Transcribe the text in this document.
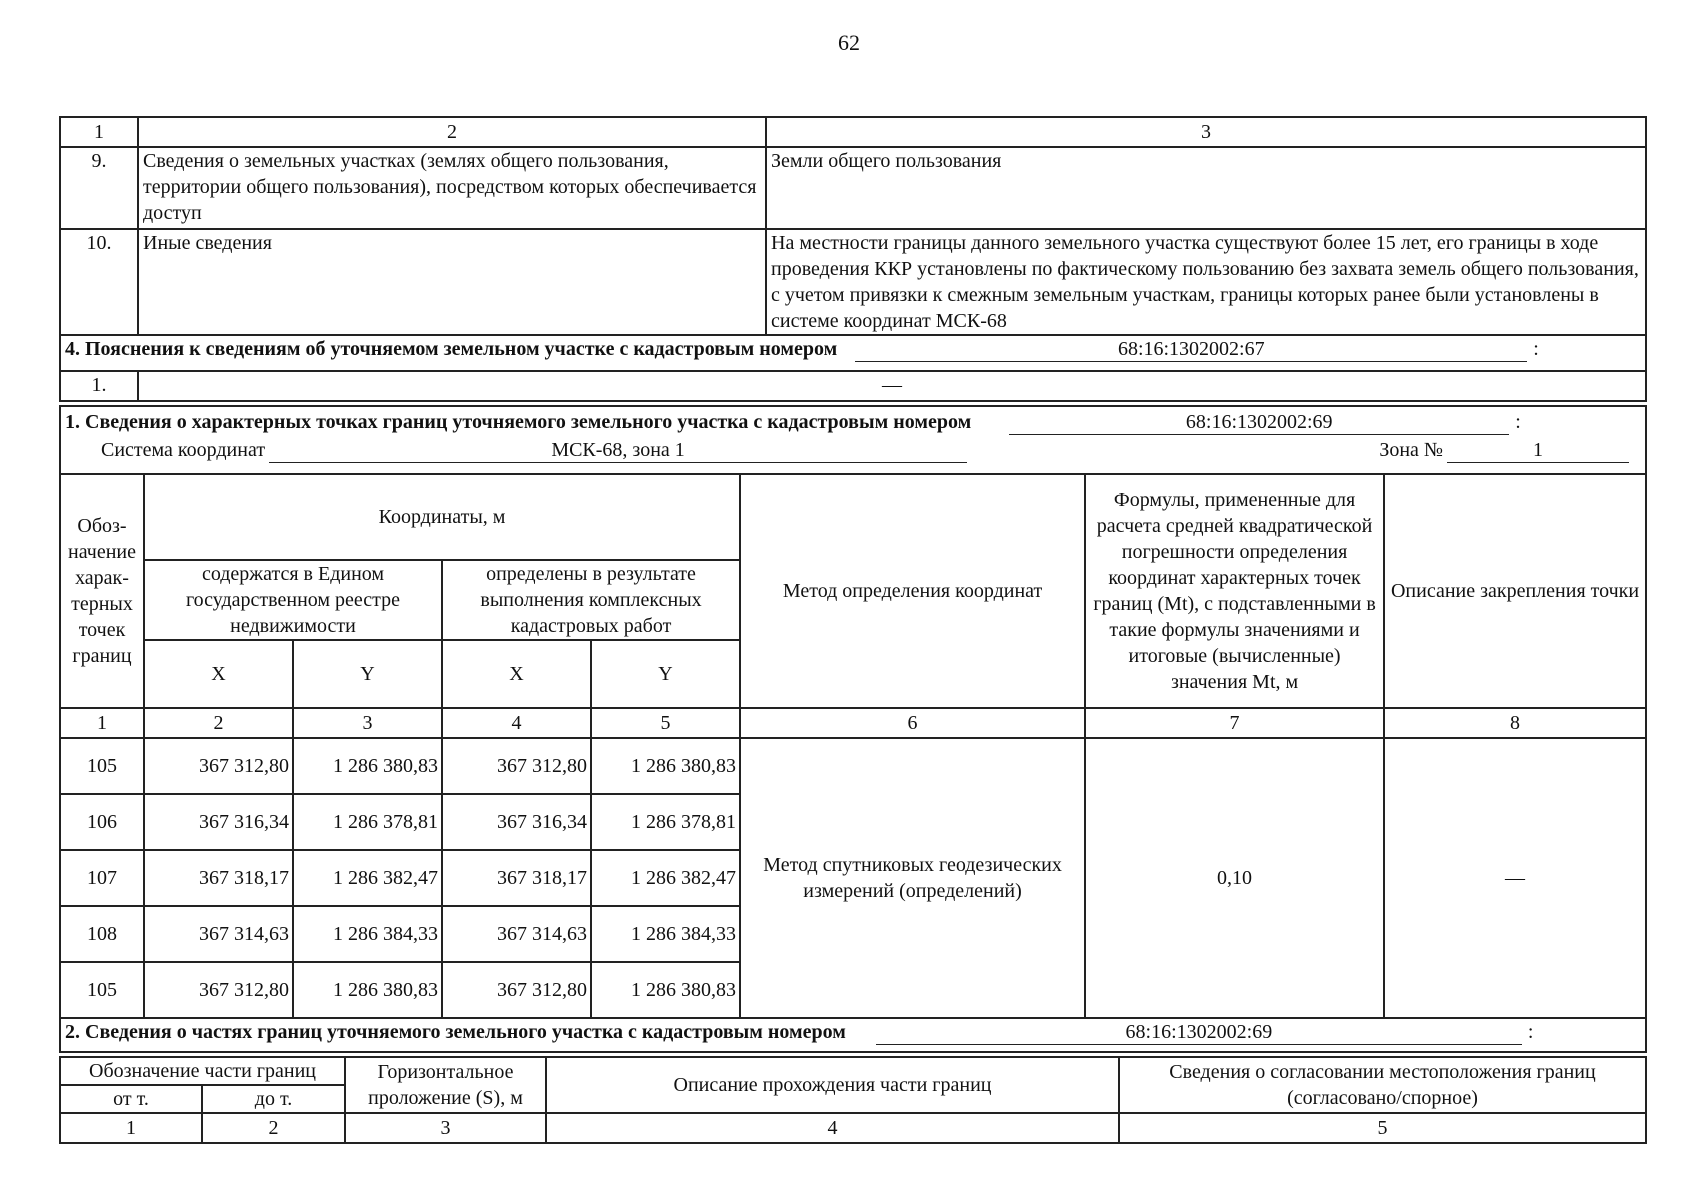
62
1	2	3
9.	Сведения о земельных участках (землях общего пользования, территории общего пользования), посредством которых обеспечивается доступ	Земли общего пользования
10.	Иные сведения	На местности границы данного земельного участка существуют более 15 лет, его границы в ходе проведения ККР установлены по фактическому пользованию без захвата земель общего пользования, с учетом привязки к смежным земельным участкам, границы которых ранее были установлены в системе координат МСК-68

4. Пояснения к сведениям об уточняемом земельном участке с кадастровым номером 68:16:1302002:67 :		

1.	—	
1. Сведения о характерных точках границ уточняемого земельного участка с кадастровым номером	68:16:1302002:69	:
Система координат	МСК-68, зона 1	Зона №	1
Обоз-начение харак-терных точек границ	Координаты, м				Метод определения координат	Формулы, примененные для расчета средней квадратической погрешности определения координат характерных точек границ (Mt), с подставленными в такие формулы значениями и итоговые (вычисленные) значения Mt, м	Описание закрепления точки
	содержатся в Едином государственном реестре недвижимости		определены в результате выполнения комплексных кадастровых работ				
	X	Y	X	Y			
1	2	3	4	5	6	7	8
105	367 312,80	1 286 380,83	367 312,80	1 286 380,83	Метод спутниковых геодезических измерений (определений)	0,10	—
106	367 316,34	1 286 378,81	367 316,34	1 286 378,81			
107	367 318,17	1 286 382,47	367 318,17	1 286 382,47			
108	367 314,63	1 286 384,33	367 314,63	1 286 384,33			
105	367 312,80	1 286 380,83	367 312,80	1 286 380,83			

2. Сведения о частях границ уточняемого земельного участка с кадастровым номером 68:16:1302002:69 :							
Обозначение части границ		Горизонтальное проложение (S), м	Описание прохождения части границ	Сведения о согласовании местоположения границ (согласовано/спорное)
от т.	до т.			
1	2	3	4	5
